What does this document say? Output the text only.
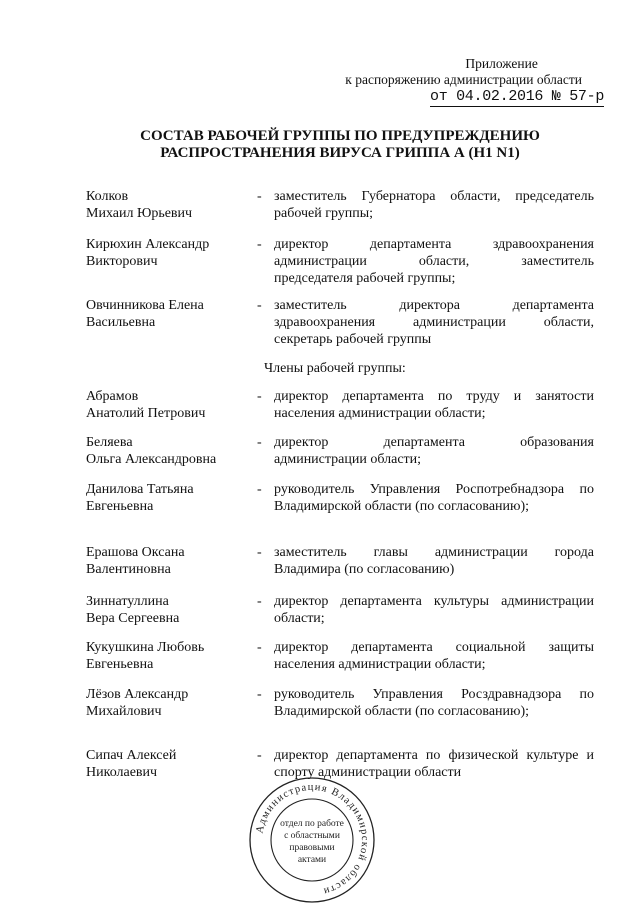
Приложение
к распоряжению администрации области
от 04.02.2016 № 57-р
СОСТАВ РАБОЧЕЙ ГРУППЫ ПО ПРЕДУПРЕЖДЕНИЮ
РАСПРОСТРАНЕНИЯ ВИРУСА ГРИППА А (H1 N1)
Колков
Михаил Юрьевич
- заместитель Губернатора области, председатель
рабочей группы;
Кирюхин Александр
Викторович
- директор департамента здравоохранения
администрации области, заместитель
председателя рабочей группы;
Овчинникова Елена
Васильевна
- заместитель директора департамента
здравоохранения администрации области,
секретарь рабочей группы
Члены рабочей группы:
Абрамов
Анатолий Петрович
- директор департамента по труду и занятости
населения администрации области;
Беляева
Ольга Александровна
- директор департамента образования
администрации области;
Данилова Татьяна
Евгеньевна
- руководитель Управления Роспотребнадзора по
Владимирской области (по согласованию);
Ерашова Оксана
Валентиновна
- заместитель главы администрации города
Владимира (по согласованию)
Зиннатуллина
Вера Сергеевна
- директор департамента культуры администрации
области;
Кукушкина Любовь
Евгеньевна
- директор департамента социальной защиты
населения администрации области;
Лёзов Александр
Михайлович
- руководитель Управления Росздравнадзора по
Владимирской области (по согласованию);
Сипач Алексей
Николаевич
- директор департамента по физической культуре и
спорту администрации области
Администрация Владимирской области
отдел по работе
с областными
правовыми
актами
